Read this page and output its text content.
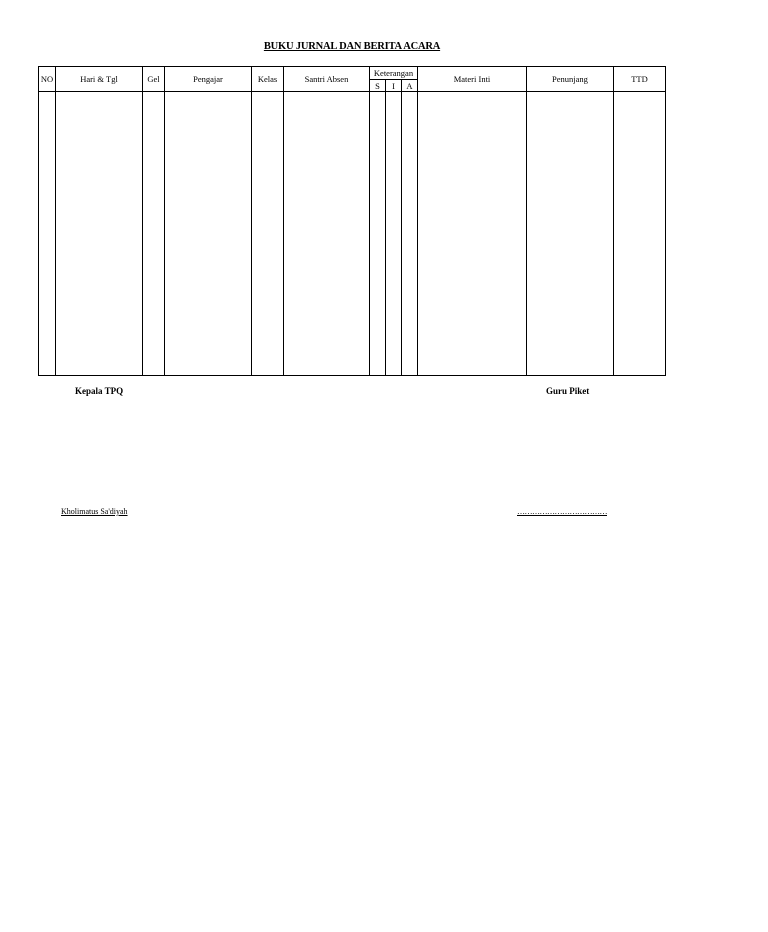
BUKU JURNAL DAN BERITA ACARA
NO	Hari & Tgl	Gel	Pengajar	Kelas	Santri Absen	Keterangan			Materi Inti	Penunjang	TTD
						S	I	A			

Kepala TPQ	Guru Piket
Kholimatus Sa'diyah	………………………………
